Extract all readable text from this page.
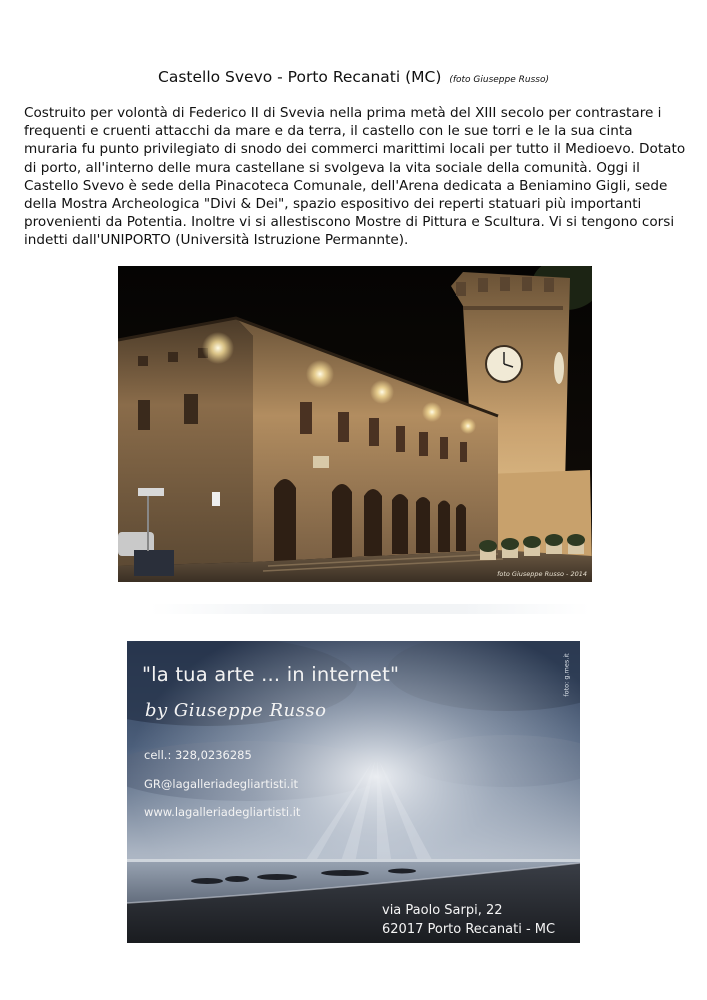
Castello Svevo - Porto Recanati (MC) (foto Giuseppe Russo)

Costruito per volontà di Federico II di Svevia nella prima metà del XIII secolo per contrastare i frequenti e cruenti attacchi da mare e da terra, il castello con le sue torri e le la sua cinta muraria fu punto privilegiato di snodo dei commerci marittimi locali per tutto il Medioevo. Dotato di porto, all'interno delle mura castellane si svolgeva la vita sociale della comunità. Oggi il Castello Svevo è sede della Pinacoteca Comunale, dell'Arena dedicata a Beniamino Gigli, sede della Mostra Archeologica "Divi & Dei", spazio espositivo dei reperti statuari più importanti provenienti da Potentia. Inoltre vi si allestiscono Mostre di Pittura e Scultura. Vi si tengono corsi indetti dall'UNIPORTO (Università Istruzione Permannte).

foto Giuseppe Russo - 2014
"la tua arte ... in internet"
by Giuseppe Russo
cell.: 328,0236285
GR@lagalleriadegliartisti.it
www.lagalleriadegliartisti.it
via Paolo Sarpi, 22
62017 Porto Recanati - MC
foto: g.mes.it
